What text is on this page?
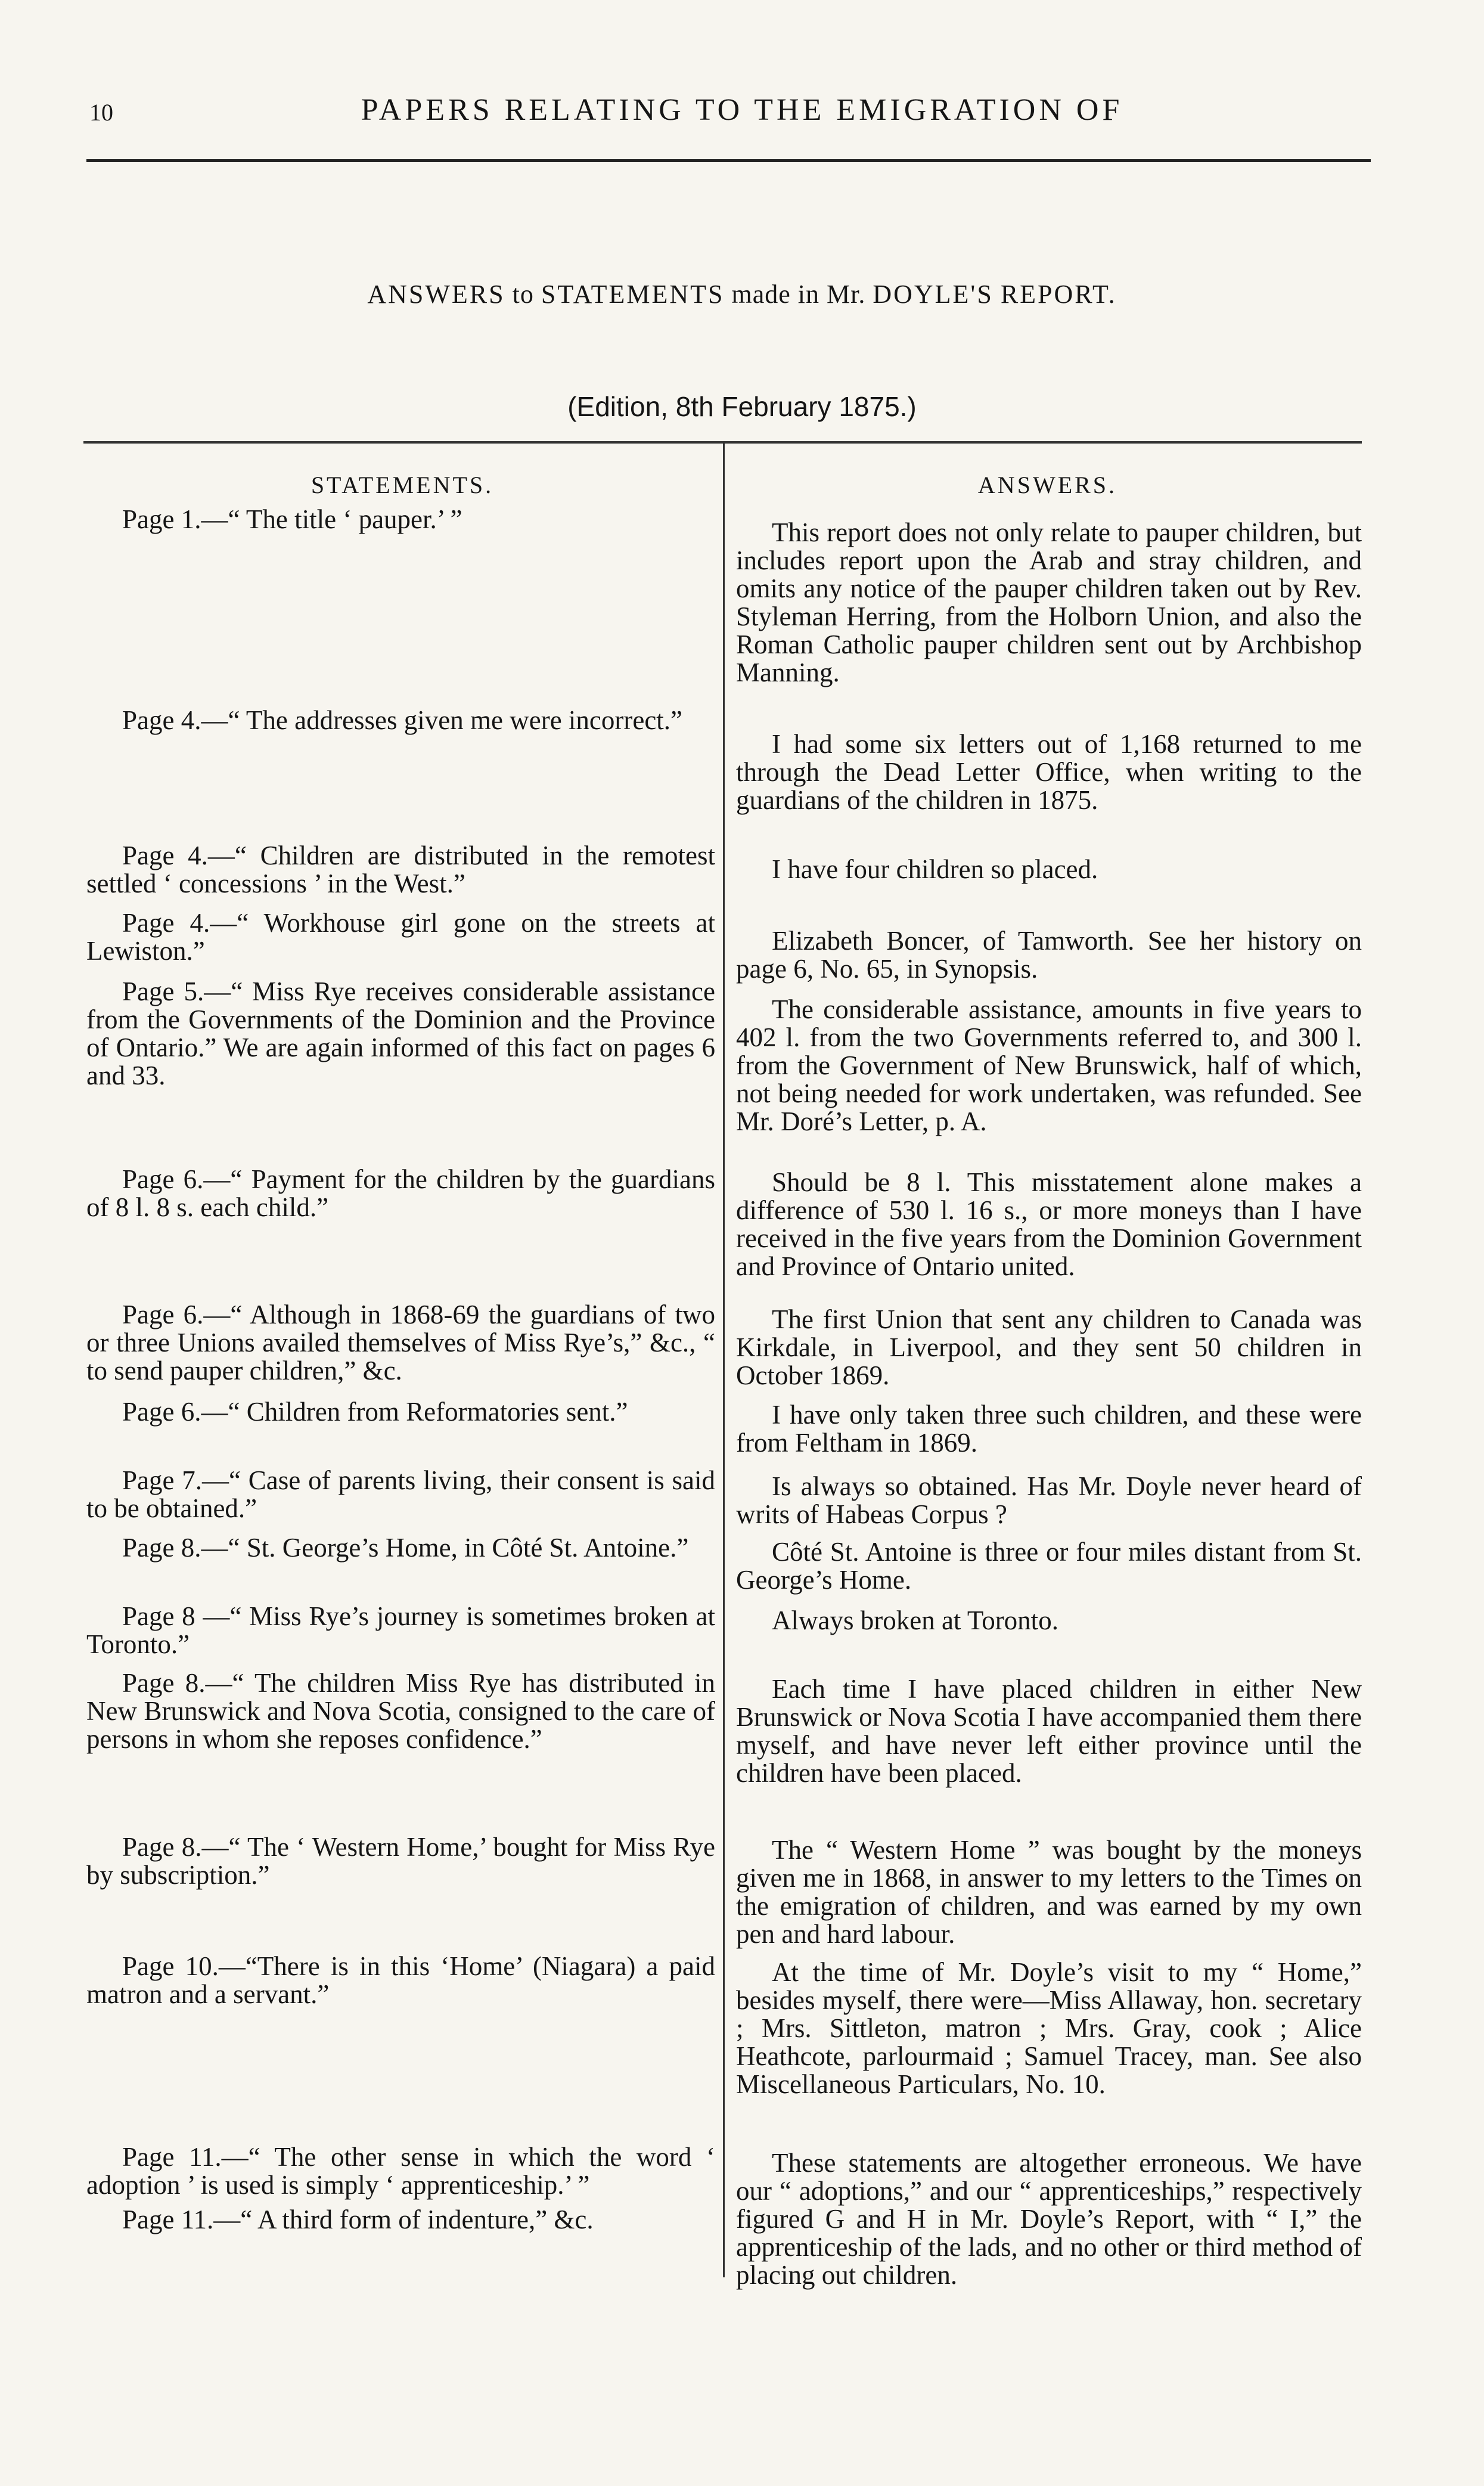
10	PAPERS RELATING TO THE EMIGRATION OF
ANSWERS to STATEMENTS made in Mr. DOYLE'S REPORT.
(Edition, 8th February 1875.)
STATEMENTS.	ANSWERS.
Page 1.—“ The title ‘ pauper.’ ”
Page 4.—“ The addresses given me were incorrect.”
Page 4.—“ Children are distributed in the remotest settled ‘ concessions ’ in the West.”
Page 4.—“ Workhouse girl gone on the streets at Lewiston.”
Page 5.—“ Miss Rye receives considerable assistance from the Governments of the Dominion and the Province of Ontario.” We are again informed of this fact on pages 6 and 33.
Page 6.—“ Payment for the children by the guardians of 8 l. 8 s. each child.”
Page 6.—“ Although in 1868-69 the guardians of two or three Unions availed themselves of Miss Rye’s,” &c., “ to send pauper children,” &c.
Page 6.—“ Children from Reformatories sent.”
Page 7.—“ Case of parents living, their consent is said to be obtained.”
Page 8.—“ St. George’s Home, in Côté St. Antoine.”
Page 8 —“ Miss Rye’s journey is sometimes broken at Toronto.”
Page 8.—“ The children Miss Rye has distributed in New Brunswick and Nova Scotia, consigned to the care of persons in whom she reposes confidence.”
Page 8.—“ The ‘ Western Home,’ bought for Miss Rye by subscription.”
Page 10.—“There is in this ‘Home’ (Niagara) a paid matron and a servant.”
Page 11.—“ The other sense in which the word ‘ adoption ’ is used is simply ‘ apprenticeship.’ ”
Page 11.—“ A third form of indenture,” &c.
This report does not only relate to pauper children, but includes report upon the Arab and stray children, and omits any notice of the pauper children taken out by Rev. Styleman Herring, from the Holborn Union, and also the Roman Catholic pauper children sent out by Archbishop Manning.
I had some six letters out of 1,168 returned to me through the Dead Letter Office, when writing to the guardians of the children in 1875.
I have four children so placed.
Elizabeth Boncer, of Tamworth. See her history on page 6, No. 65, in Synopsis.
The considerable assistance, amounts in five years to 402 l. from the two Governments referred to, and 300 l. from the Government of New Brunswick, half of which, not being needed for work undertaken, was refunded. See Mr. Doré’s Letter, p. A.
Should be 8 l. This misstatement alone makes a difference of 530 l. 16 s., or more moneys than I have received in the five years from the Dominion Government and Province of Ontario united.
The first Union that sent any children to Canada was Kirkdale, in Liverpool, and they sent 50 children in October 1869.
I have only taken three such children, and these were from Feltham in 1869.
Is always so obtained. Has Mr. Doyle never heard of writs of Habeas Corpus ?
Côté St. Antoine is three or four miles distant from St. George’s Home.
Always broken at Toronto.
Each time I have placed children in either New Brunswick or Nova Scotia I have accompanied them there myself, and have never left either province until the children have been placed.
The “ Western Home ” was bought by the moneys given me in 1868, in answer to my letters to the Times on the emigration of children, and was earned by my own pen and hard labour.
At the time of Mr. Doyle’s visit to my “ Home,” besides myself, there were—Miss Allaway, hon. secretary ; Mrs. Sittleton, matron ; Mrs. Gray, cook ; Alice Heathcote, parlourmaid ; Samuel Tracey, man. See also Miscellaneous Particulars, No. 10.
These statements are altogether erroneous. We have our “ adoptions,” and our “ apprenticeships,” respectively figured G and H in Mr. Doyle’s Report, with “ I,” the apprenticeship of the lads, and no other or third method of placing out children.
